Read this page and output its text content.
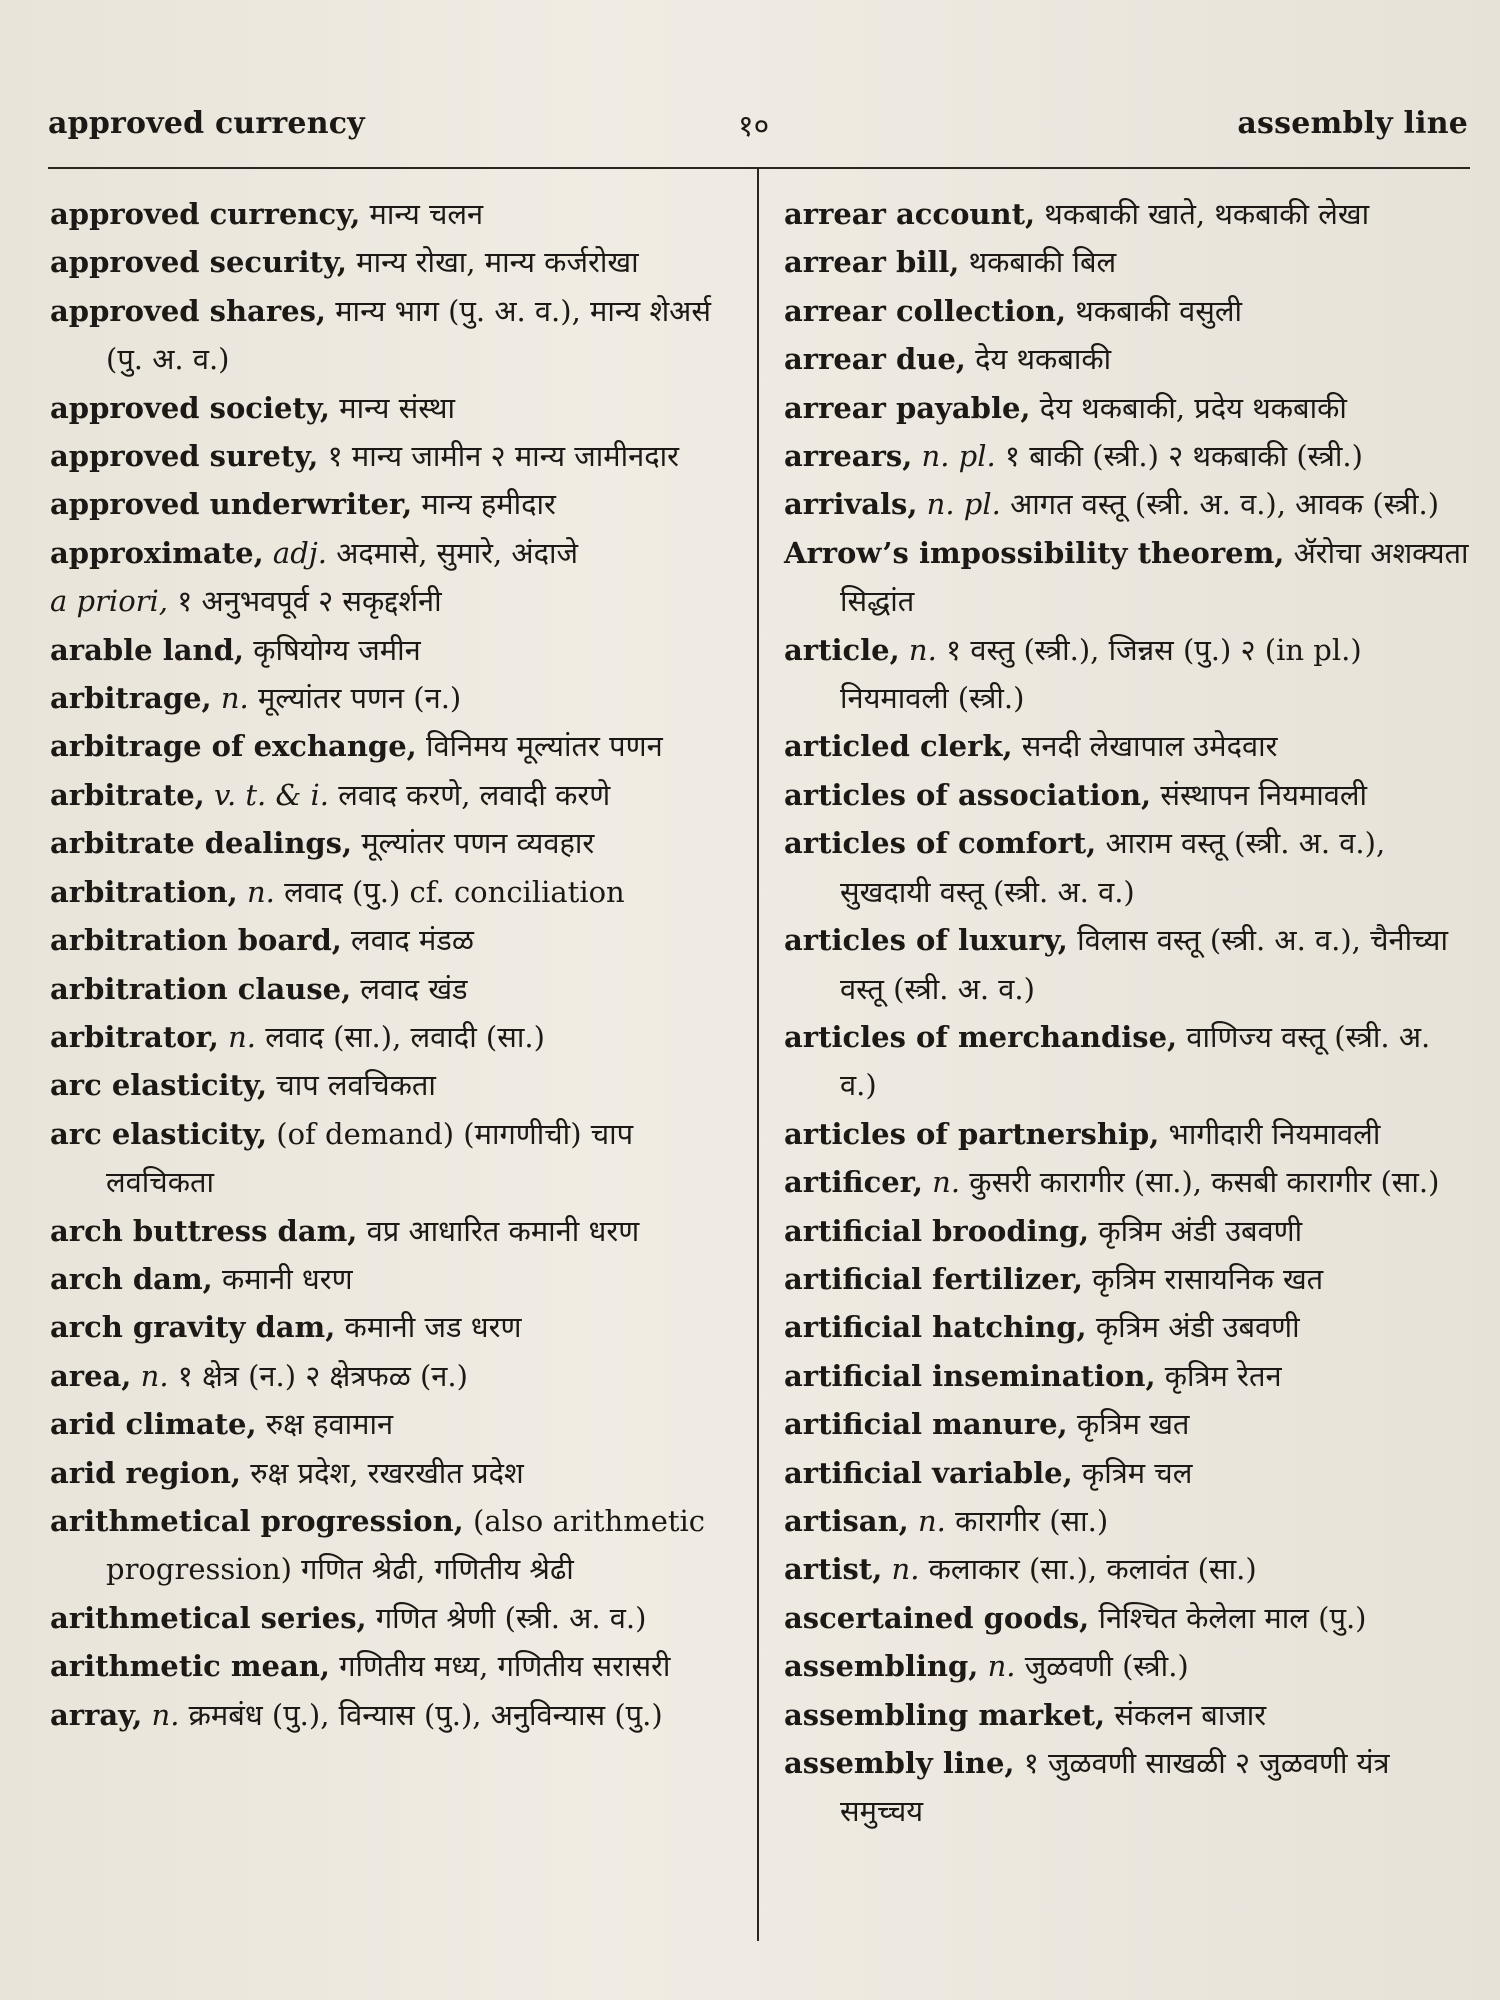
approved currency	१०	assembly line
approved currency, मान्य चलन
approved security, मान्य रोखा, मान्य कर्जरोखा
approved shares, मान्य भाग (पु. अ. व.), मान्य शेअर्स (पु. अ. व.)
approved society, मान्य संस्था
approved surety, १ मान्य जामीन २ मान्य जामीनदार
approved underwriter, मान्य हमीदार
approximate, adj. अदमासे, सुमारे, अंदाजे
a priori, १ अनुभवपूर्व २ सकृद्दर्शनी
arable land, कृषियोग्य जमीन
arbitrage, n. मूल्यांतर पणन (न.)
arbitrage of exchange, विनिमय मूल्यांतर पणन
arbitrate, v. t. & i. लवाद करणे, लवादी करणे
arbitrate dealings, मूल्यांतर पणन व्यवहार
arbitration, n. लवाद (पु.) cf. conciliation
arbitration board, लवाद मंडळ
arbitration clause, लवाद खंड
arbitrator, n. लवाद (सा.), लवादी (सा.)
arc elasticity, चाप लवचिकता
arc elasticity, (of demand) (मागणीची) चाप लवचिकता
arch buttress dam, वप्र आधारित कमानी धरण
arch dam, कमानी धरण
arch gravity dam, कमानी जड धरण
area, n. १ क्षेत्र (न.) २ क्षेत्रफळ (न.)
arid climate, रुक्ष हवामान
arid region, रुक्ष प्रदेश, रखरखीत प्रदेश
arithmetical progression, (also arithmetic progression) गणित श्रेढी, गणितीय श्रेढी
arithmetical series, गणित श्रेणी (स्त्री. अ. व.)
arithmetic mean, गणितीय मध्य, गणितीय सरासरी
array, n. क्रमबंध (पु.), विन्यास (पु.), अनुविन्यास (पु.)
arrear account, थकबाकी खाते, थकबाकी लेखा
arrear bill, थकबाकी बिल
arrear collection, थकबाकी वसुली
arrear due, देय थकबाकी
arrear payable, देय थकबाकी, प्रदेय थकबाकी
arrears, n. pl. १ बाकी (स्त्री.) २ थकबाकी (स्त्री.)
arrivals, n. pl. आगत वस्तू (स्त्री. अ. व.), आवक (स्त्री.)
Arrow’s impossibility theorem, ॲरोचा अशक्यता सिद्धांत
article, n. १ वस्तु (स्त्री.), जिन्नस (पु.) २ (in pl.) नियमावली (स्त्री.)
articled clerk, सनदी लेखापाल उमेदवार
articles of association, संस्थापन नियमावली
articles of comfort, आराम वस्तू (स्त्री. अ. व.), सुखदायी वस्तू (स्त्री. अ. व.)
articles of luxury, विलास वस्तू (स्त्री. अ. व.), चैनीच्या वस्तू (स्त्री. अ. व.)
articles of merchandise, वाणिज्य वस्तू (स्त्री. अ. व.)
articles of partnership, भागीदारी नियमावली
artificer, n. कुसरी कारागीर (सा.), कसबी कारागीर (सा.)
artificial brooding, कृत्रिम अंडी उबवणी
artificial fertilizer, कृत्रिम रासायनिक खत
artificial hatching, कृत्रिम अंडी उबवणी
artificial insemination, कृत्रिम रेतन
artificial manure, कृत्रिम खत
artificial variable, कृत्रिम चल
artisan, n. कारागीर (सा.)
artist, n. कलाकार (सा.), कलावंत (सा.)
ascertained goods, निश्चित केलेला माल (पु.)
assembling, n. जुळवणी (स्त्री.)
assembling market, संकलन बाजार
assembly line, १ जुळवणी साखळी २ जुळवणी यंत्र समुच्चय
